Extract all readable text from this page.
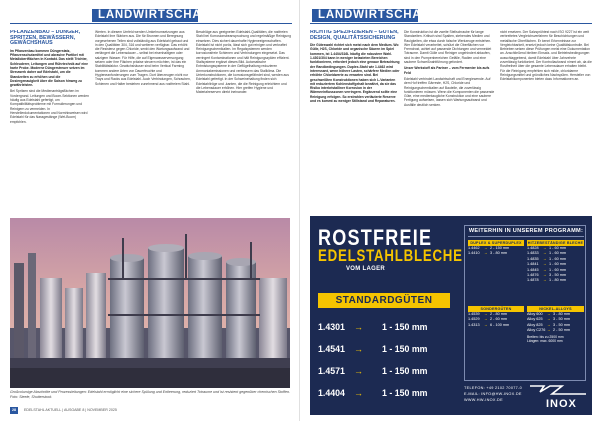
LANDWIRTSCHAFT
PFLANZENBAU – DÜNGER, SPRITZEN, BEWÄSSERN, GEWÄCHSHAUS

Im Pflanzenbau kommen Düngerstatz, Pflanzenschutzmittel und abrasive Partikel mit Metallobertflächen in Kontakt. Das stellt Trichter, Schleuderer, Leitungen und Rührtechnik auf eine harte Probe. Moderne Düngerstreuer setzen im Streuwerk daher auf Edelstahl, um die Standzeiten zu erhöhen und die Dosiergenauigkeit über die Saison hinweg zu gewährleisten.

Bei Spritzen sind die Medienanträgsflächen im Vordergrund. Leitungen und Boom-Sektionen werden häufig aus Edelstahl gefertigt, um Kompatibilitätsprobleme mit Formulierungen und Reinigern zu vermeiden. In Herstellerdokumentationen und Normhinweisen wird Edelstahl für das Nassgestänge (Wet-Boom) empfohlen.

Werten. In diesem Umfeld werden Umkehrumsetzungen aus Edelstahl ihre Stärken aus. Die für Brunnen und Beregnung vorgesehenen Teilen sind vollständig aus Edelstahl gebaut und in den Qualitäten 304, 316 und weiteren verfügbar. Das erhöht die Resistenz gegen Chloride, senkt den Wartungsaufwand und verlängert die Lebensdauer – selbst bei eisenhaltigem oder salzigem Wasser. Für Hilfe, die auf Eigenwasserversorgung setzen oder ihre Flächen präzise steuern möchten, ist das ein Stabilitätsfaktor. Gewächshäuser sind beim Vertical Farming kommen andere Arten von Dauerfeuchte und Hygieneanforderungen zum Tragen. Dort überzeugen nicht nur Trays und Racks aus Edelstahl. Auch Verbindungen, Schrauben, Schienen und Halter bestehen zunehmend aus rostfreiem Stahl.

Beschläge aus geeigneten Edelstahl-Qualitäten, die rostfreien Stahl bei Korrosionsbeanspruchung und regelmäßige Reinigung einsetzen. Dies sichert dauerhafte Hygieneeigenschaften. Edelstahl ist nicht porös, lässt sich gut reinigen und verkraftet Reinigungschemikalien. Im Regalsystemen werden korrosionsfreie Schienen und Verbindungen eingesetzt. Das verringert Kontaminationen und hält Reinigungszyklen effizient. Stallsysteme ergänzt dieses Bild. Automatische Entmistungssysteme in der Geflügelhaltung reduzieren Ammoniakemissionen und verbessern das Stallklima. Die Unterkonstruktionen, die korrosionsgefährdet sind, werden aus Edelstahl gefertigt. In der Schweinehaltung finden sich Edelstahltröge und -kanten, die die Reinigung erleichtern und die Lebensdauer erhöhen. Hier greifen Hygiene und Materialreserven direkt ineinander.

Großvolumige Abschnitte und Prozessleitungen: Edelstahl ermöglicht eine sichere Spülung und Entleerung, reduziert Totraume und ist resistent gegenüber chemischen Stoffen. Foto: Steele, Shutterstock.
28 EDELSTAHL AKTUELL | AUSGABE 8 | NOVEMBER 2025
LANDWIRTSCHAFT
RICHTIG SPEZIFIZIEREN – GÜTEN, DESIGN, QUALITÄTSSICHERUNG

Die Güteswahl richtet sich meist nach dem Medium. Wo Gülle, H2S, Chloride und organische Säuren im Spiel kommen, ist 1.4404/316L häufig die robustere Wahl. 1.4301/304 kann in weniger belasteten Bereichen funktionieren, erfordert jedoch eine genaue Betrachtung der Randbedingungen. Duplex-Stahl wie 1.4462 wird interessant, wenn höhere Lasten, schärfere Medien oder erhöhte Chloridwerte zu erwarten sind. Bei geschweißten Konstruktionen haben sich L-Varianten mit reduziertem Kohlenstoffgehalt bewährt, da sie das Risiko interkristalliner Korrosion in der Wärmeeinflusszonen verringern. Ergänzend sollte eine Reinigung erfolgen. So erstrahlen verläuterte Reserve und es kommt zu weniger Stillstand und Reparaturen.

Die Konstruktion ist die zweite Stellschraube für lange Standzeiten. Kritisch sind Spalten, stehendes Medien und Rauigkeiten, die etwa durch falsche Werkzeuge entstehen. Wer Edelstahl verarbeitet, schützt die Oberflächen vor Fremdrost, achtet auf passende Dichtungen und vermeidet Totraume. Damit Gülle und Reiniger ungehindert ablaufen, sind in den Pumpenbereichen Gefälle, Radien und eine saubere Schweißnahtführung gefordert.

Unser Werkstoff als Partner – vom Fermenter bis aufs Feld

Edelstahl verbindet Landwirtschaft und Energiewende. Auf dem Hof treffen Gärreste, H2S, Chloride und Reinigungschemikalien auf Bauteile, die zuverlässig funktionieren müssen. Wenn die Komponenten die passende Güte, eine medientaugliche Konstruktion und eine saubere Fertigung aufweisen, lassen sich Wartungsaufwand und Ausfälle deutlich senken.

nicht ersetzen. Der Salzsprühtest nach ISO 9227 ist ein weit verbreitetes Vergleichsverfahren für Beschichtungen und metallische Oberflächen. Er kennt Erkenntnisse zur Vergleichbarkeit, ersetzt jedoch keine Qualitätskontrolle. Bei Betrieben setzen diese Prüfungen meist eine Dokumentation an. Anschließend bleiben Einsatz- und Betriebsbedingungen ausschlaggebend, damit Edelstahl über Jahrzehnte zuverlässig funktioniert. Der Kontrollaufwand nimmt ab, da die Rostfreiheit über die gesamte Lebensdauer erhalten bleibt. Für die Reinigung empfehlen sich milde, chloridarme Reinigungsmittel und gründliches Nachspülen. Hersteller von Edelstahlkomponenten bieten dazu Informationen an.

ROSTFREIE
EDELSTAHLBLECHE
VOM LAGER
STANDARDGÜTEN
1.4301	→	1 - 150 mm
1.4541	→	1 - 150 mm
1.4571	→	1 - 150 mm
1.4404	→	1 - 150 mm
WEITERHIN IN UNSEREM PROGRAMM:
DUPLEX & SUPERDUPLEX
1.4462	→ 2 - 150 mm
1.4410	→ 3 - 80 mm
HITZEBESTÄNDIGE BLECHE
1.4828	→ 1 - 60 mm
1.4833	→ 1 - 60 mm
1.4835	→ 1 - 60 mm
1.4841	→ 1 - 60 mm
1.4845	→ 1 - 60 mm
1.4876	→ 3 - 50 mm
1.4878	→ 1 - 80 mm
SONDERGÜTEN
1.4539	→ 2 - 80 mm
1.4529	→ 2 - 60 mm
1.4313	→ 6 - 100 mm
NICKEL-ALLOYS
Alloy 600	→ 3 - 80 mm
Alloy 625	→ 3 - 50 mm
Alloy 825	→ 3 - 50 mm
Alloy C276 → 2 - 50 mm
Breiten: bis zu 2500 mm
Längen: max. 6000 mm
TELEFON: +49 2102 70077-0
E-MAIL: INFO@HW-INOX.DE
WWW.HW-INOX.DE	INOX
